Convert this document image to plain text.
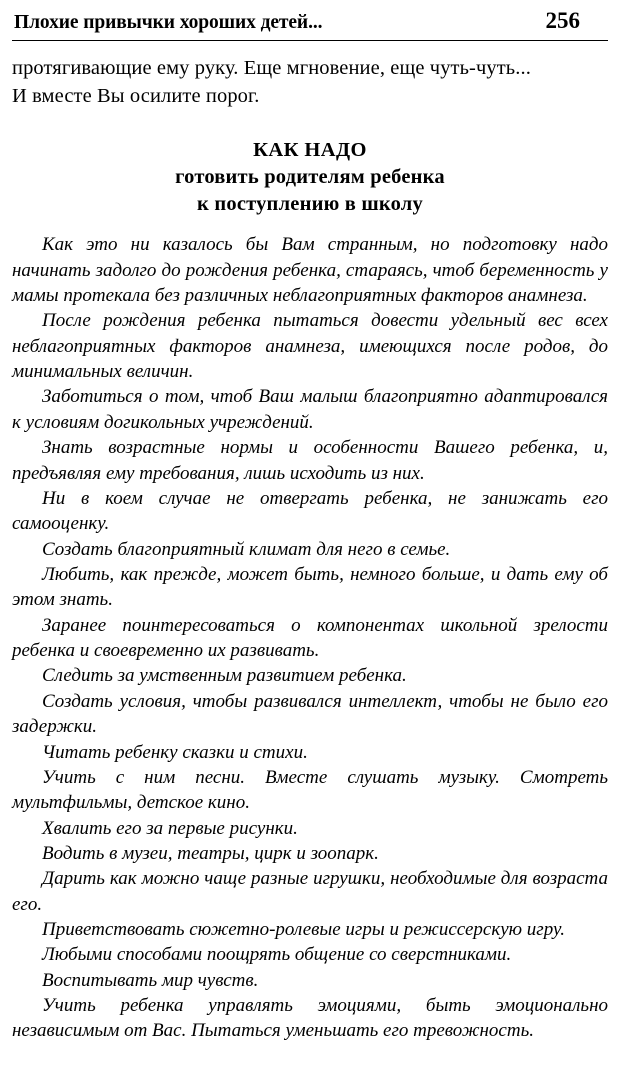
Плохие привычки хороших детей...	256
протягивающие ему руку. Еще мгновение, еще чуть-чуть...
И вместе Вы осилите порог.
КАК НАДО
готовить родителям ребенка
к поступлению в школу

Как это ни казалось бы Вам странным, но подготовку надо начинать задолго до рождения ребенка, стараясь, чтоб беременность у мамы протекала без различных неблагоприятных факторов анамнеза.

После рождения ребенка пытаться довести удельный вес всех неблагоприятных факторов анамнеза, имеющихся после родов, до минимальных величин.

Заботиться о том, чтоб Ваш малыш благоприятно адаптировался к условиям догикольных учреждений.

Знать возрастные нормы и особенности Вашего ребенка, и, предъявляя ему требования, лишь исходить из них.

Ни в коем случае не отвергать ребенка, не занижать его самооценку.

Создать благоприятный климат для него в семье.

Любить, как прежде, может быть, немного больше, и дать ему об этом знать.

Заранее поинтересоваться о компонентах школьной зрелости ребенка и своевременно их развивать.

Следить за умственным развитием ребенка.

Создать условия, чтобы развивался интеллект, чтобы не было его задержки.

Читать ребенку сказки и стихи.

Учить с ним песни. Вместе слушать музыку. Смотреть мультфильмы, детское кино.

Хвалить его за первые рисунки.

Водить в музеи, театры, цирк и зоопарк.

Дарить как можно чаще разные игрушки, необходимые для возраста его.

Приветствовать сюжетно-ролевые игры и режиссерскую игру.

Любыми способами поощрять общение со сверстниками.

Воспитывать мир чувств.

Учить ребенка управлять эмоциями, быть эмоционально независимым от Вас. Пытаться уменьшать его тревожность.
